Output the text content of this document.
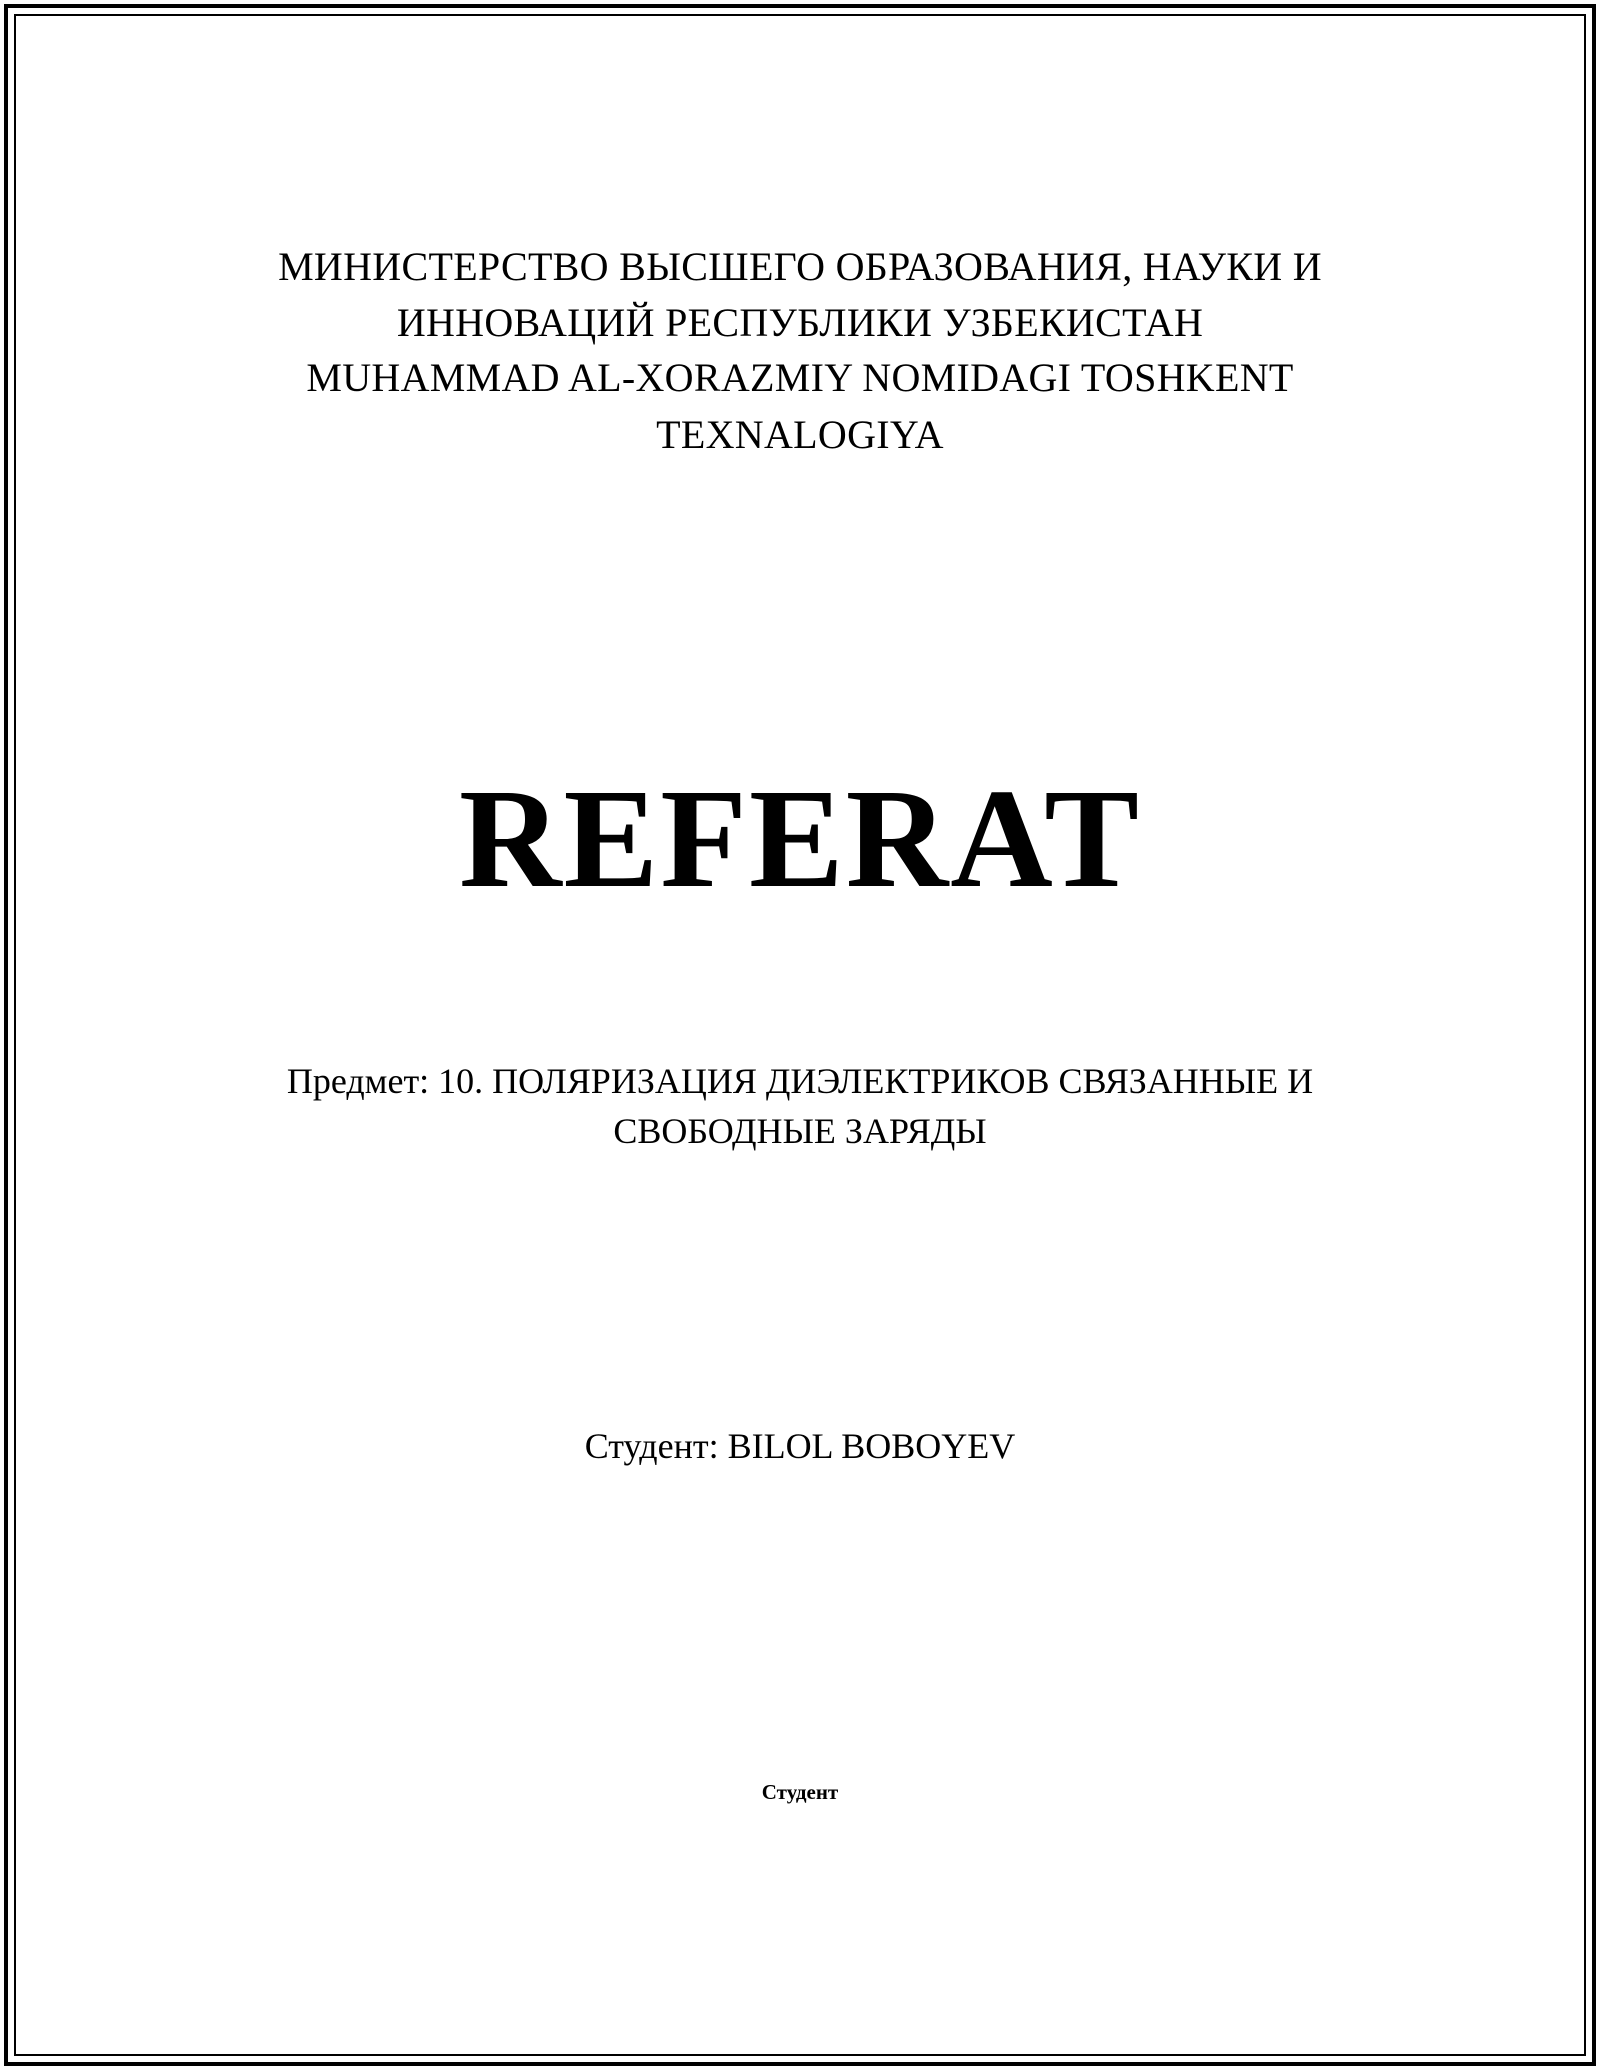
МИНИСТЕРСТВО ВЫСШЕГО ОБРАЗОВАНИЯ, НАУКИ И

ИННОВАЦИЙ РЕСПУБЛИКИ УЗБЕКИСТАН

MUHAMMAD AL-XORAZMIY NOMIDAGI TOSHKENT

TEXNALOGIYA

REFERAT

Предмет: 10. ПОЛЯРИЗАЦИЯ ДИЭЛЕКТРИКОВ СВЯЗАННЫЕ И

СВОБОДНЫЕ ЗАРЯДЫ

Студент: BILOL BOBOYEV

Студент
